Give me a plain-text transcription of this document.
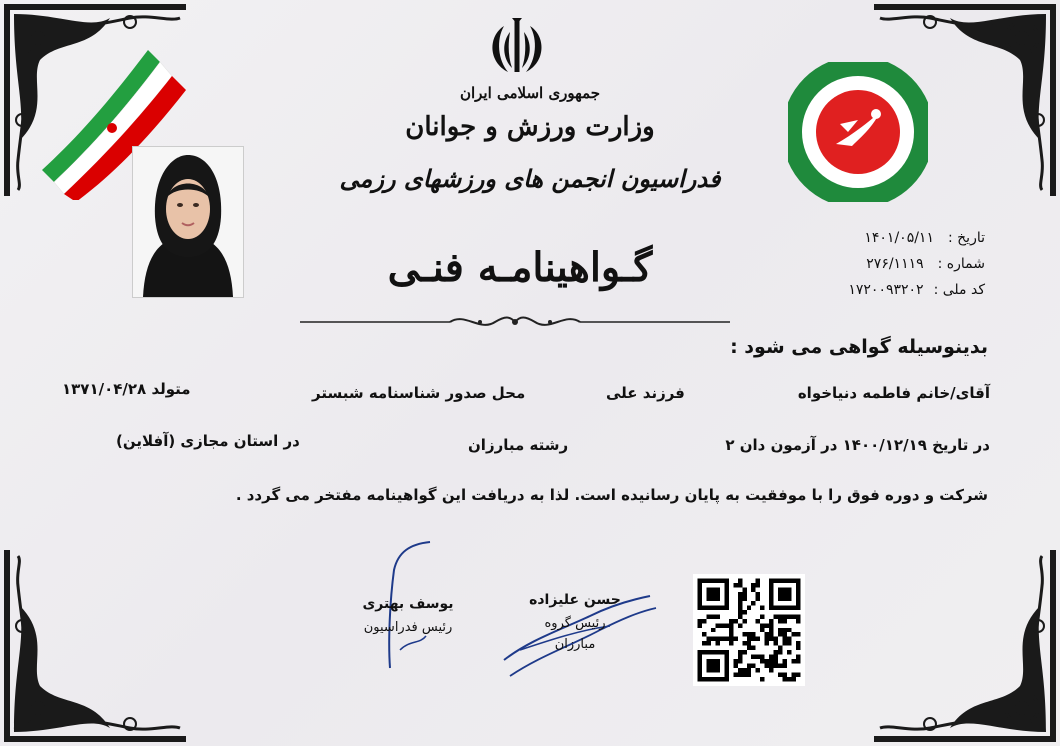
جمهوری اسلامی ایران
وزارت ورزش و جوانان
فدراسیون انجمن های ورزشهای رزمی
گـواهینامـه فنـی
تاریخ :
۱۴۰۱/۰۵/۱۱
شماره :
۲۷۶/۱۱۱۹
کد ملی :
۱۷۲۰۰۹۳۲۰۲
بدینوسیله گواهی می شود :
آقای/خانم فاطمه دنیاخواه
فرزند علی
محل صدور شناسنامه شبستر
متولد ۱۳۷۱/۰۴/۲۸
در تاریخ ۱۴۰۰/۱۲/۱۹ در آزمون دان ۲
رشته مبارزان
در استان مجازی (آفلاین)
شرکت و دوره فوق را با موفقیت به پایان رسانیده است. لذا به دریافت این گواهینامه مفتخر می گردد .
یوسف بهتری
رئیس فدراسیون
حسن علیزاده
رئیس گروه
مبارزان
